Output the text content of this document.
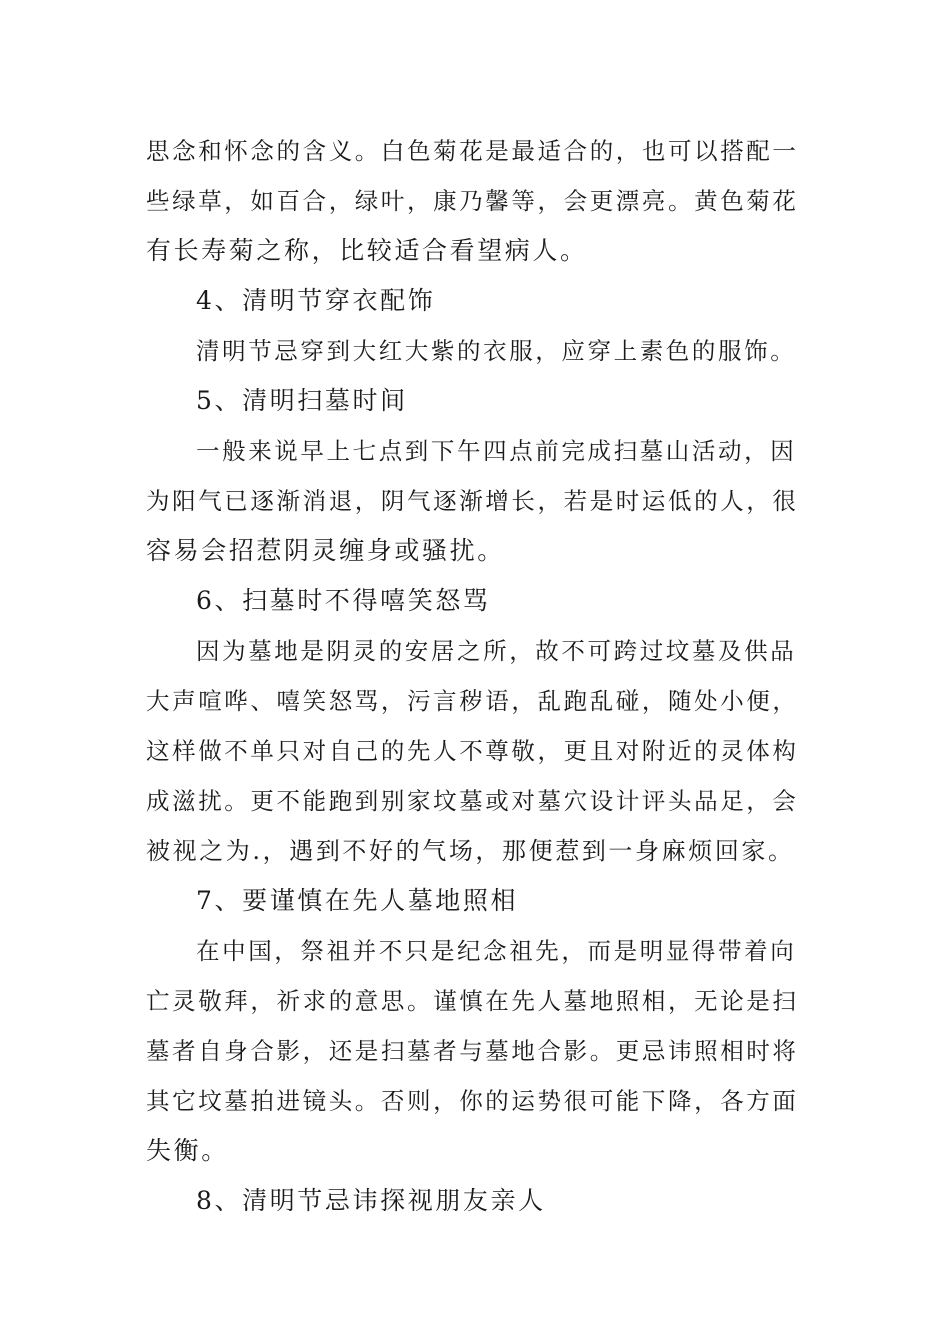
思念和怀念的含义。白色菊花是最适合的，也可以搭配一

些绿草，如百合，绿叶，康乃馨等，会更漂亮。黄色菊花

有长寿菊之称，比较适合看望病人。

4、清明节穿衣配饰

清明节忌穿到大红大紫的衣服，应穿上素色的服饰。

5、清明扫墓时间

一般来说早上七点到下午四点前完成扫墓山活动，因

为阳气已逐渐消退，阴气逐渐增长，若是时运低的人，很

容易会招惹阴灵缠身或骚扰。

6、扫墓时不得嘻笑怒骂

因为墓地是阴灵的安居之所，故不可跨过坟墓及供品

大声喧哗、嘻笑怒骂，污言秽语，乱跑乱碰，随处小便，

这样做不单只对自己的先人不尊敬，更且对附近的灵体构

成滋扰。更不能跑到别家坟墓或对墓穴设计评头品足，会

被视之为.，遇到不好的气场，那便惹到一身麻烦回家。

7、要谨慎在先人墓地照相

在中国，祭祖并不只是纪念祖先，而是明显得带着向

亡灵敬拜，祈求的意思。谨慎在先人墓地照相，无论是扫

墓者自身合影，还是扫墓者与墓地合影。更忌讳照相时将

其它坟墓拍进镜头。否则，你的运势很可能下降，各方面

失衡。

8、清明节忌讳探视朋友亲人
